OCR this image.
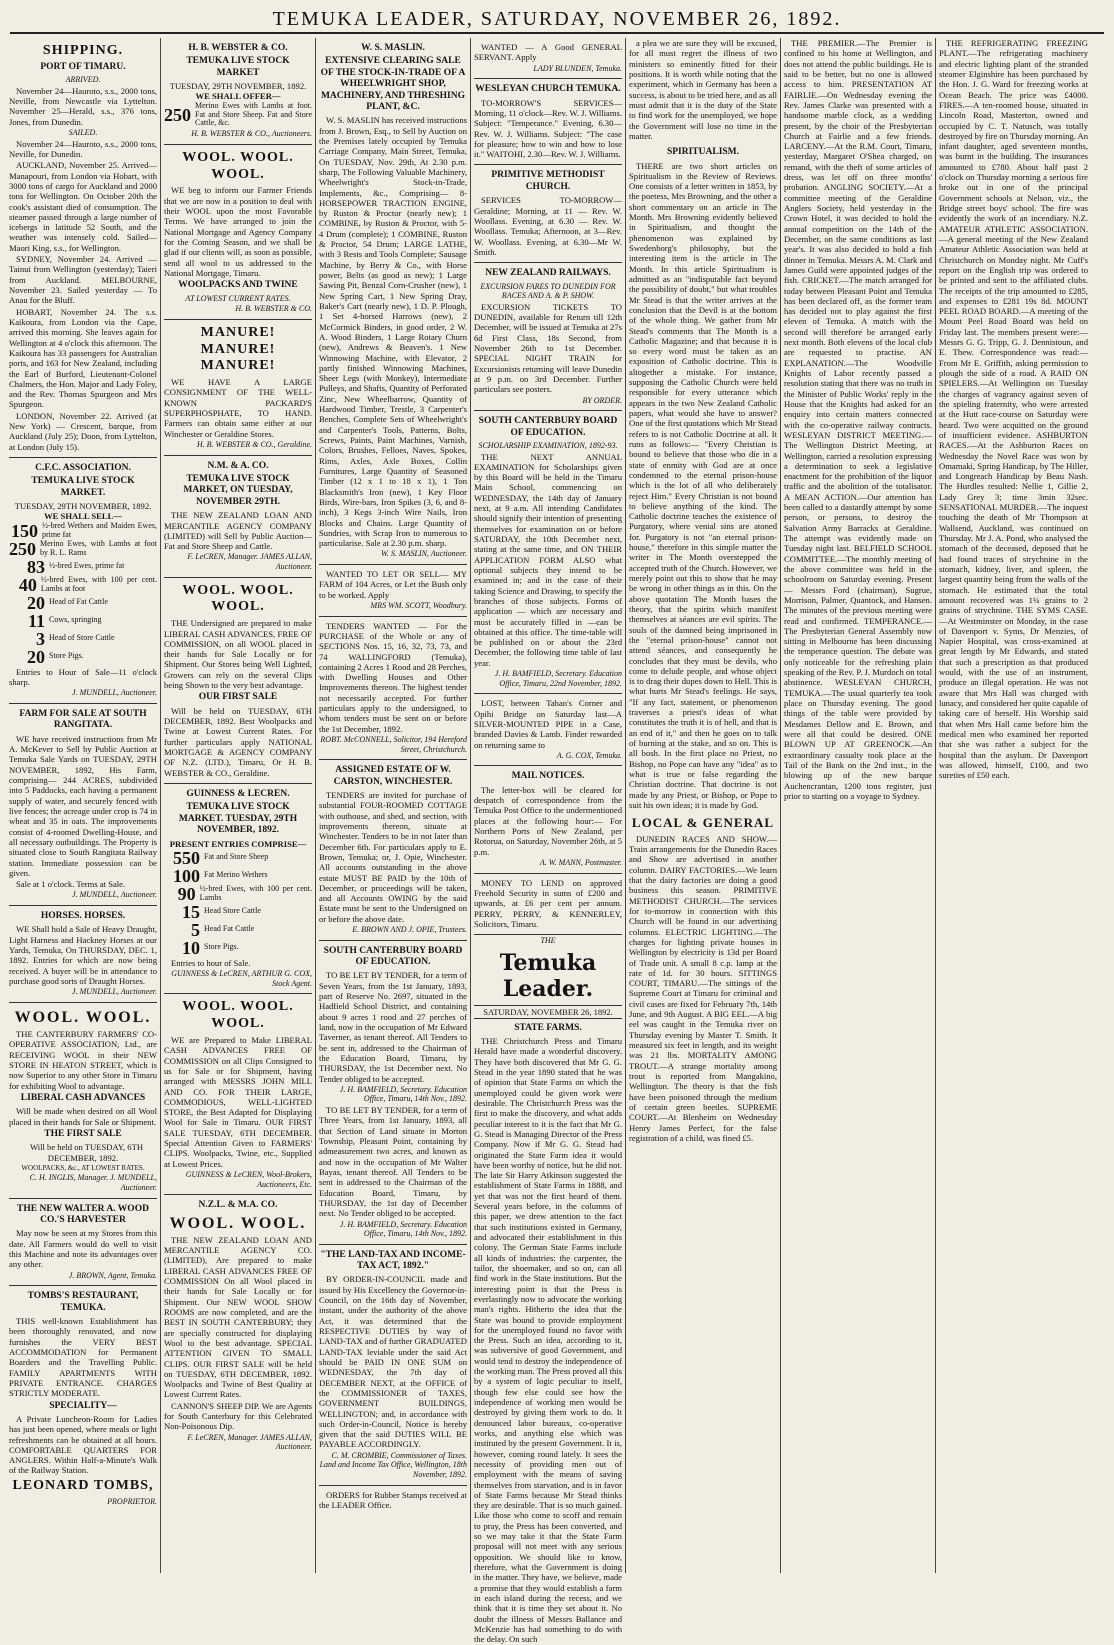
TEMUKA LEADER, SATURDAY, NOVEMBER 26, 1892.
SHIPPING.
PORT OF TIMARU.
ARRIVED.

November 24—Hauroto, s.s., 2000 tons, Neville, from Newcastle via Lyttelton. November 25—Herald, s.s., 376 tons, Jones, from Dunedin.

SAILED.

November 24—Hauroto, s.s., 2000 tons, Neville, for Dunedin.

AUCKLAND, November 25. Arrived—Manapouri, from London via Hobart, with 3000 tons of cargo for Auckland and 2000 tons for Wellington. On October 20th the cook's assistant died of consumption. The steamer passed through a large number of icebergs in latitude 52 South, and the weather was intensely cold. Sailed—Maori King, s.s., for Wellington.

SYDNEY, November 24. Arrived — Tainui from Wellington (yesterday); Taieri from Auckland. MELBOURNE, November 23. Sailed yesterday — To Anau for the Bluff.

HOBART, November 24. The s.s. Kaikoura, from London via the Cape, arrived this morning. She leaves again for Wellington at 4 o'clock this afternoon. The Kaikoura has 33 passengers for Australian ports, and 163 for New Zealand, including the Earl of Burford, Lieutenant-Colonel Chalmers, the Hon. Major and Lady Foley, and the Rev. Thomas Spurgeon and Mrs Spurgeon.

LONDON, November 22. Arrived (at New York) — Crescent, barque, from Auckland (July 25); Doon, from Lyttelton, at London (July 15).

C.F.C. ASSOCIATION.
TEMUKA LIVE STOCK MARKET.
TUESDAY, 29TH NOVEMBER, 1892.
WE SHALL SELL—
150 ½-bred Wethers and Maiden Ewes, prime fat
250 Merino Ewes, with Lambs at foot by R. L. Rams
83 ½-bred Ewes, prime fat
40 ½-bred Ewes, with 100 per cent. Lambs at foot
20 Head of Fat Cattle
11 Cows, springing
3 Head of Store Cattle
20 Store Pigs.

Entries to Hour of Sale—11 o'clock sharp.

J. MUNDELL, Auctioneer.
FARM FOR SALE AT SOUTH RANGITATA.

WE have received instructions from Mr A. McKever to Sell by Public Auction at Temuka Sale Yards on TUESDAY, 29TH NOVEMBER, 1892, His Farm, comprising— 244 ACRES, subdivided into 5 Paddocks, each having a permanent supply of water, and securely fenced with live fences; the acreage under crop is 74 in wheat and 35 in oats. The improvements consist of 4-roomed Dwelling-House, and all necessary outbuildings. The Property is situated close to South Rangitata Railway station. Immediate possession can be given.

Sale at 1 o'clock. Terms at Sale.

J. MUNDELL, Auctioneer.
HORSES. HORSES.

WE Shall hold a Sale of Heavy Draught, Light Harness and Hackney Horses at our Yards, Temuka, On THURSDAY, DEC. 1, 1892. Entries for which are now being received. A buyer will be in attendance to purchase good sorts of Draught Horses.

J. MUNDELL, Auctioneer.
WOOL. WOOL.

THE CANTERBURY FARMERS' CO-OPERATIVE ASSOCIATION, Ltd., are RECEIVING WOOL in their NEW STORE IN HEATON STREET, which is now Superior to any other Store in Timaru for exhibiting Wool to advantage.

LIBERAL CASH ADVANCES

Will be made when desired on all Wool placed in their hands for Sale or Shipment.

THE FIRST SALE

Will be held on TUESDAY, 6TH DECEMBER, 1892.

WOOLPACKS, &c., AT LOWEST RATES.

C. H. INGLIS, Manager. J. MUNDELL, Auctioneer.
THE NEW WALTER A. WOOD CO.'S HARVESTER

May now be seen at my Stores from this date. All Farmers would do well to visit this Machine and note its advantages over any other.

J. BROWN, Agent, Temuka.
TOMBS'S RESTAURANT, TEMUKA.

THIS well-known Establishment has been thoroughly renovated, and now furnishes the VERY BEST ACCOMMODATION for Permanent Boarders and the Travelling Public. FAMILY APARTMENTS WITH PRIVATE ENTRANCE. CHARGES STRICTLY MODERATE.

SPECIALITY—

A Private Luncheon-Room for Ladies has just been opened, where meals or light refreshments can be obtained at all hours. COMFORTABLE QUARTERS FOR ANGLERS. Within Half-a-Minute's Walk of the Railway Station.

LEONARD TOMBS,
PROPRIETOR.
H. B. WEBSTER & CO.
TEMUKA LIVE STOCK MARKET
TUESDAY, 29TH NOVEMBER, 1892.
WE SHALL OFFER—
250 Merino Ewes with Lambs at foot. Fat and Store Sheep. Fat and Store Cattle, &c.
H. B. WEBSTER & CO., Auctioneers.
WOOL. WOOL. WOOL.

WE beg to inform our Farmer Friends that we are now in a position to deal with their WOOL upon the most Favorable Terms. We have arranged to join the National Mortgage and Agency Company for the Coming Season, and we shall be glad if our clients will, as soon as possible, send all wool to us addressed to the National Mortgage, Timaru.

WOOLPACKS AND TWINE
AT LOWEST CURRENT RATES.
H. B. WEBSTER & CO.
MANURE! MANURE! MANURE!

WE HAVE A LARGE CONSIGNMENT OF THE WELL-KNOWN PACKARD'S SUPERPHOSPHATE, TO HAND. Farmers can obtain same either at our Winchester or Geraldine Stores.

H. B. WEBSTER & CO., Geraldine.
N.M. & A. CO.
TEMUKA LIVE STOCK MARKET, ON TUESDAY, NOVEMBER 29TH.

THE NEW ZEALAND LOAN AND MERCANTILE AGENCY COMPANY (LIMITED) will Sell by Public Auction— Fat and Store Sheep and Cattle.

F. LeCREN, Manager. JAMES ALLAN, Auctioneer.
WOOL. WOOL. WOOL.

THE Undersigned are prepared to make LIBERAL CASH ADVANCES, FREE OF COMMISSION, on all WOOL placed in their hands for Sale Locally or for Shipment. Our Stores being Well Lighted, Growers can rely on the several Clips being Shown to the very best advantage.

OUR FIRST SALE

Will be held on TUESDAY, 6TH DECEMBER, 1892. Best Woolpacks and Twine at Lowest Current Rates. For further particulars apply NATIONAL MORTGAGE & AGENCY COMPANY OF N.Z. (LTD.), Timaru, Or H. B. WEBSTER & CO., Geraldine.

GUINNESS & LECREN.
TEMUKA LIVE STOCK MARKET. TUESDAY, 29TH NOVEMBER, 1892.
PRESENT ENTRIES COMPRISE—
550 Fat and Store Sheep
100 Fat Merino Wethers
90 ½-bred Ewes, with 100 per cent. Lambs
15 Head Store Cattle
5 Head Fat Cattle
10 Store Pigs.

Entries to hour of Sale.

GUINNESS & LeCREN, ARTHUR G. COX, Stock Agent.
WOOL. WOOL. WOOL.

WE are Prepared to Make LIBERAL CASH ADVANCES FREE OF COMMISSION on all Clips Consigned to us for Sale or for Shipment, having arranged with MESSRS JOHN MILL AND CO. FOR THEIR LARGE, COMMODIOUS, WELL-LIGHTED STORE, the Best Adapted for Displaying Wool for Sale in Timaru. OUR FIRST SALE TUESDAY, 6TH DECEMBER. Special Attention Given to FARMERS' CLIPS. Woolpacks, Twine, etc., Supplied at Lowest Prices.

GUINNESS & LeCREN, Wool-Brokers, Auctioneers, Etc.
N.Z.L. & M.A. CO.
WOOL. WOOL.

THE NEW ZEALAND LOAN AND MERCANTILE AGENCY CO. (LIMITED), Are prepared to make LIBERAL CASH ADVANCES FREE OF COMMISSION On all Wool placed in their hands for Sale Locally or for Shipment. Our NEW WOOL SHOW ROOMS are now completed, and are the BEST IN SOUTH CANTERBURY; they are specially constructed for displaying Wool to the best advantage. SPECIAL ATTENTION GIVEN TO SMALL CLIPS. OUR FIRST SALE will be held on TUESDAY, 6TH DECEMBER, 1892. Woolpacks and Twine of Best Quality at Lowest Current Rates.

CANNON'S SHEEP DIP. We are Agents for South Canterbury for this Celebrated Non-Poisonous Dip.

F. LeCREN, Manager. JAMES ALLAN, Auctioneer.
W. S. MASLIN.
EXTENSIVE CLEARING SALE OF THE STOCK-IN-TRADE OF A WHEELWRIGHT SHOP, MACHINERY, AND THRESHING PLANT, &C.

W. S. MASLIN has received instructions from J. Brown, Esq., to Sell by Auction on the Premises lately occupied by Temuka Carriage Company, Main Street, Temuka, On TUESDAY, Nov. 29th, At 2.30 p.m. sharp, The Following Valuable Machinery, Wheelwright's Stock-in-Trade, Implements, &c., Comprising— 8-HORSEPOWER TRACTION ENGINE, by Ruston & Proctor (nearly new); 1 COMBINE, by Ruston & Proctor, with 5-4 Drum (complete); 1 COMBINE, Ruston & Proctor, 54 Drum; LARGE LATHE, with 3 Rests and Tools Complete; Sausage Machine, by Berry & Co., with Horse power, Belts (as good as new); 1 Large Sawing Pit, Benzal Corn-Crusher (new), 1 New Spring Cart, 1 New Spring Dray, Baker's Cart (nearly new), 1 D. P. Plough, 1 Set 4-horsed Harrows (new), 2 McCormick Binders, in good order, 2 W. A. Wood Binders, 1 Large Rotary Churn (new), Andrews & Beaven's. 1 New Winnowing Machine, with Elevator, 2 partly finished Winnowing Machines, Sheer Legs (with Monkey), Intermediate Pulleys, and Shafts, Quantity of Perforated Zinc, New Wheelbarrow, Quantity of Hardwood Timber, Trestle, 3 Carpenter's Benches, Complete Sets of Wheelwright's and Carpenter's Tools, Patterns, Bolts, Screws, Paints, Paint Machines, Varnish, Colors, Brushes, Felloes, Naves, Spokes, Rims, Axles, Axle Boxes, Collin Furnitures, Large Quantity of Seasoned Timber (12 x 1 to 18 x 1), 1 Ton Blacksmith's Iron (new), 1 Key Floor Birds, Wire-bars, Iron Spikes (3, 6, and 8-inch), 3 Kegs 3-inch Wire Nails, Iron Blocks and Chains. Large Quantity of Sundries, with Scrap Iron to numerous to particularise. Sale at 2.30 p.m. sharp.

W. S. MASLIN, Auctioneer.

WANTED TO LET OR SELL— MY FARM of 104 Acres, or Let the Bush only to be worked. Apply

MRS WM. SCOTT, Woodbury.

TENDERS WANTED — For the PURCHASE of the Whole or any of SECTIONS Nos. 15, 16, 32, 73, 73, and 74 WALLINGFORD (Temuka), containing 2 Acres 1 Rood and 28 Perches, with Dwelling Houses and Other Improvements thereon. The highest tender not necessarily accepted. For further particulars apply to the undersigned, to whom tenders must be sent on or before the 1st December, 1892.

ROBT. McCONNELL, Solicitor, 194 Hereford Street, Christchurch.
ASSIGNED ESTATE OF W. CARSTON, WINCHESTER.

TENDERS are invited for purchase of substantial FOUR-ROOMED COTTAGE with outhouse, and shed, and section, with improvements thereon, situate at Winchester. Tenders to be in not later than December 6th. For particulars apply to E. Brown, Temuka; or, J. Opie, Winchester. All accounts outstanding in the above estate MUST BE PAID by the 10th of December, or proceedings will be taken, and all Accounts OWING by the said Estate must be sent to the Undersigned on or before the above date.

E. BROWN AND J. OPIE, Trustees.
SOUTH CANTERBURY BOARD OF EDUCATION.

TO BE LET BY TENDER, for a term of Seven Years, from the 1st January, 1893, part of Reserve No. 2697, situated in the Hadfield School District, and containing about 9 acres 1 rood and 27 perches of land, now in the occupation of Mr Edward Taverner, as tenant thereof. All Tenders to be sent in, addressed to the Chairman of the Education Board, Timaru, by THURSDAY, the 1st December next. No Tender obliged to be accepted.

J. H. BAMFIELD, Secretary. Education Office, Timaru, 14th Nov., 1892.

TO BE LET BY TENDER, for a term of Three Years, from 1st January, 1893, all that Section of Land situate in Morton Township, Pleasant Point, containing by admeasurement two acres, and known as and now in the occupation of Mr Walter Bayas, tenant thereof. All Tenders to be sent in addressed to the Chairman of the Education Board, Timaru, by THURSDAY, the 1st day of December next. No Tender obliged to be accepted.

J. H. BAMFIELD, Secretary. Education Office, Timaru, 14th Nov., 1892.
"THE LAND-TAX AND INCOME-TAX ACT, 1892."

BY ORDER-IN-COUNCIL made and issued by His Excellency the Governor-in-Council, on the 16th day of November, instant, under the authority of the above Act, it was determined that the RESPECTIVE DUTIES by way of LAND-TAX and of further GRADUATED LAND-TAX leviable under the said Act should be PAID IN ONE SUM on WEDNESDAY, the 7th day of DECEMBER NEXT, at the OFFICE of the COMMISSIONER of TAXES, GOVERNMENT BUILDINGS, WELLINGTON; and, in accordance with such Order-in-Council, Notice is hereby given that the said DUTIES WILL BE PAYABLE ACCORDINGLY.

C. M. CROMBIE, Commissioner of Taxes. Land and Income Tax Office, Wellington, 18th November, 1892.

ORDERS for Rubber Stamps received at the LEADER Office.

WANTED — A Good GENERAL SERVANT. Apply

LADY BLUNDEN, Temuka.
WESLEYAN CHURCH TEMUKA.

TO-MORROW'S SERVICES— Morning, 11 o'clock—Rev. W. J. Williams. Subject: "Temperance." Evening, 6.30—Rev. W. J. Williams. Subject: "The case for pleasure; how to win and how to lose it." WAITOHI, 2.30—Rev. W. J. Williams.

PRIMITIVE METHODIST CHURCH.

SERVICES TO-MORROW— Geraldine; Morning, at 11 — Rev. W. Woollass. Evening, at 6.30 — Rev. W. Woollass. Temuka; Afternoon, at 3—Rev. W. Woollass. Evening, at 6.30—Mr W. Smith.

NEW ZEALAND RAILWAYS.
EXCURSION FARES TO DUNEDIN FOR RACES AND A. & P. SHOW.

EXCURSION TICKETS TO DUNEDIN, available for Return till 12th December, will be issued at Temuka at 27s 6d First Class, 18s Second, from November 26th to 1st December. SPECIAL NIGHT TRAIN for Excursionists returning will leave Dunedin at 9 p.m. on 3rd December. Further particulars see posters.

BY ORDER.
SOUTH CANTERBURY BOARD OF EDUCATION.
SCHOLARSHIP EXAMINATION, 1892-93.

THE NEXT ANNUAL EXAMINATION for Scholarships given by this Board will be held in the Timaru Main School, commencing on WEDNESDAY, the 14th day of January next, at 9 a.m. All intending Candidates should signify their intention of presenting themselves for examination on or before SATURDAY, the 10th December next, stating at the same time, and ON THEIR APPLICATION FORM ALSO what optional subjects they intend to be examined in; and in the case of their taking Science and Drawing, to specify the branches of those subjects. Forms of application — which are necessary and must be accurately filled in —can be obtained at this office. The time-table will be published on or about the 23rd December, the following time table of last year.

J. H. BAMFIELD, Secretary. Education Office, Timaru, 22nd November, 1892.

LOST, between Tahan's Corner and Opihi Bridge on Saturday last—A SILVER-MOUNTED PIPE in a Case, branded Davies & Lamb. Finder rewarded on returning same to

A. G. COX, Temuka.
MAIL NOTICES.

The letter-box will be cleared for despatch of correspondence from the Temuka Post Office to the undermentioned places at the following hour:— For Northern Ports of New Zealand, per Rotorua, on Saturday, November 26th, at 5 p.m.

A. W. MANN, Postmaster.

MONEY TO LEND on approved Freehold Security in sums of £200 and upwards, at £6 per cent per annum. PERRY, PERRY, & KENNERLEY, Solicitors, Timaru.

THE
Temuka Leader.
SATURDAY, NOVEMBER 26, 1892.
STATE FARMS.

THE Christchurch Press and Timaru Herald have made a wonderful discovery. They have both discovered that Mr G. G. Stead in the year 1890 stated that he was of opinion that State Farms on which the unemployed could be given work were desirable. The Christchurch Press was the first to make the discovery, and what adds peculiar interest to it is the fact that Mr G. G. Stead is Managing Director of the Press Company. Now if Mr G. G. Stead had originated the State Farm idea it would have been worthy of notice, but he did not. The late Sir Harry Atkinson suggested the establishment of State Farms in 1888, and yet that was not the first heard of them. Several years before, in the columns of this paper, we drew attention to the fact that such institutions existed in Germany, and advocated their establishment in this colony. The German State Farms include all kinds of industries: the carpenter, the tailor, the shoemaker, and so on, can all find work in the State institutions. But the interesting point is that the Press is everlastingly now to advocate the working man's rights. Hitherto the idea that the State was bound to provide employment for the unemployed found no favor with the Press. Such an idea, according to it, was subversive of good Government, and would tend to destroy the independence of the working man. The Press proved all this by a system of logic peculiar to itself, though few else could see how the independence of working men would be destroyed by giving them work to do. It denounced labor bureaux, co-operative works, and anything else which was instituted by the present Government. It is, however, coming round lately. It sees the necessity of providing men out of employment with the means of saving themselves from starvation, and is in favor of State Farms because Mr Stead thinks they are desirable. That is so much gained. Like those who come to scoff and remain to pray, the Press has been converted, and so we may take it that the State Farm proposal will not meet with any serious opposition. We should like to know, therefore, what the Government is doing in the matter. They have, we believe, made a promise that they would establish a farm in each island during the recess, and we think that it is time they set about it. No doubt the illness of Messrs Ballance and McKenzie has had something to do with the delay. On such

a plea we are sure they will be excused, for all must regret the illness of two ministers so eminently fitted for their positions. It is worth while noting that the experiment, which in Germany has been a success, is about to be tried here, and as all must admit that it is the duty of the State to find work for the unemployed, we hope the Government will lose no time in the matter.

SPIRITUALISM.

THERE are two short articles on Spiritualism in the Review of Reviews. One consists of a letter written in 1853, by the poetess, Mrs Browning, and the other a short commentary on an article in The Month. Mrs Browning evidently believed in Spiritualism, and thought the phenomenon was explained by Swedenborg's philosophy, but the interesting item is the article in The Month. In this article Spiritualism is admitted as an "indisputable fact beyond the possibility of doubt," but what troubles Mr Stead is that the writer arrives at the conclusion that the Devil is at the bottom of the whole thing. We gather from Mr Stead's comments that The Month is a Catholic Magazine; and that because it is so every word must be taken as an exposition of Catholic doctrine. This is altogether a mistake. For instance, supposing the Catholic Church were held responsible for every utterance which appears in the two New Zealand Catholic papers, what would she have to answer? One of the first quotations which Mr Stead refers to is not Catholic Doctrine at all. It runs as follows:— "Every Christian is bound to believe that those who die in a state of enmity with God are at once condemned to the eternal prison-house which is the lot of all who deliberately reject Him." Every Christian is not bound to believe anything of the kind. The Catholic doctrine teaches the existence of Purgatory, where venial sins are atoned for. Purgatory is not "an eternal prison-house," therefore in this simple matter the writer in The Month overstepped the accepted truth of the Church. However, we merely point out this to show that he may be wrong in other things as in this. On the above quotation The Month bases the theory, that the spirits which manifest themselves at séances are evil spirits. The souls of the damned being imprisoned in the "eternal prison-house" cannot not attend séances, and consequently he concludes that they must be devils, who come to delude people, and whose object is to drag their dupes down to Hell. This is what hurts Mr Stead's feelings. He says, "If any fact, statement, or phenomenon traverses a priest's ideas of what constitutes the truth it is of hell, and that is an end of it," and then he goes on to talk of burning at the stake, and so on. This is all bosh. In the first place no Priest, no Bishop, no Pope can have any "idea" as to what is true or false regarding the Christian doctrine. That doctrine is not made by any Priest, or Bishop, or Pope to suit his own ideas; it is made by God.

LOCAL & GENERAL

DUNEDIN RACES AND SHOW.—Train arrangements for the Dunedin Races and Show are advertised in another column. DAIRY FACTORIES.—We learn that the dairy factories are doing a good business this season. PRIMITIVE METHODIST CHURCH.—The services for to-morrow in connection with this Church will be found in our advertising columns. ELECTRIC LIGHTING.—The charges for lighting private houses in Wellington by electricity is 13d per Board of Trade unit. A small 8 c.p. lamp at the rate of 1d. for 30 hours. SITTINGS COURT, TIMARU.—The sittings of the Supreme Court at Timaru for criminal and civil cases are fixed for February 7th, 14th June, and 9th August. A BIG EEL.—A big eel was caught in the Temuka river on Thursday evening by Master T. Smith. It measured six feet in length, and its weight was 21 lbs. MORTALITY AMONG TROUT.—A strange mortality among trout is reported from Mangakino, Wellington. The theory is that the fish have been poisoned through the medium of certain green beetles. SUPREME COURT.—At Blenheim on Wednesday Henry James Perfect, for the false registration of a child, was fined £5.

THE PREMIER.—The Premier is confined to his home at Wellington, and does not attend the public buildings. He is said to be better, but no one is allowed access to him. PRESENTATION AT FAIRLIE.—On Wednesday evening the Rev. James Clarke was presented with a handsome marble clock, as a wedding present, by the choir of the Presbyterian Church at Fairlie and a few friends. LARCENY.—At the R.M. Court, Timaru, yesterday, Margaret O'Shea charged, on remand, with the theft of some articles of dress, was let off on three months' probation. ANGLING SOCIETY.—At a committee meeting of the Geraldine Anglers Society, held yesterday in the Crown Hotel, it was decided to hold the annual competition on the 14th of the December, on the same conditions as last year's. It was also decided to hold a fish dinner in Temuka. Messrs A. M. Clark and James Guild were appointed judges of the fish. CRICKET.—The match arranged for today between Pleasant Point and Temuka has been declared off, as the former team has decided not to play against the first eleven of Temuka. A match with the second will therefore be arranged early next month. Both elevens of the local club are requested to practise. AN EXPLANATION.—The Woodville Knights of Labor recently passed a resolution stating that there was no truth in the Minister of Public Works' reply in the House that the Knights had asked for an enquiry into certain matters connected with the co-operative railway contracts. WESLEYAN DISTRICT MEETING.—The Wellington District Meeting, at Wellington, carried a resolution expressing a determination to seek a legislative enactment for the prohibition of the liquor traffic and the abolition of the totalisator. A MEAN ACTION.—Our attention has been called to a dastardly attempt by some person, or persons, to destroy the Salvation Army Barracks at Geraldine. The attempt was evidently made on Tuesday night last. BELFIELD SCHOOL COMMITTEE.—The monthly meeting of the above committee was held in the schoolroom on Saturday evening. Present — Messrs Ford (chairman), Sugrue, Morrison, Palmer, Quantock, and Hansen. The minutes of the previous meeting were read and confirmed. TEMPERANCE.—The Presbyterian General Assembly now sitting in Melbourne has been discussing the temperance question. The debate was only noticeable for the refreshing plain speaking of the Rev. P. J. Murdoch on total abstinence. WESLEYAN CHURCH, TEMUKA.—The usual quarterly tea took place on Thursday evening. The good things of the table were provided by Mesdames Dellow and E. Brown, and were all that could be desired. ONE BLOWN UP AT GREENOCK.—An extraordinary casualty took place at the Tail of the Bank on the 2nd inst., in the blowing up of the new barque Auchencrantan, 1200 tons register, just prior to starting on a voyage to Sydney.

THE REFRIGERATING FREEZING PLANT.—The refrigerating machinery and electric lighting plant of the stranded steamer Elginshire has been purchased by the Hon. J. G. Ward for freezing works at Ocean Beach. The price was £4000. FIRES.—A ten-roomed house, situated in Lincoln Road, Masterton, owned and occupied by C. T. Natusch, was totally destroyed by fire on Thursday morning. An infant daughter, aged seventeen months, was burnt in the building. The insurances amounted to £780. About half past 2 o'clock on Thursday morning a serious fire broke out in one of the principal Government schools at Nelson, viz., the Bridge street boys' school. The fire was evidently the work of an incendiary. N.Z. AMATEUR ATHLETIC ASSOCIATION.—A general meeting of the New Zealand Amateur Athletic Association was held at Christchurch on Monday night. Mr Cuff's report on the English trip was ordered to be printed and sent to the affiliated clubs. The receipts of the trip amounted to £285, and expenses to £281 19s 8d. MOUNT PEEL ROAD BOARD.—A meeting of the Mount Peel Road Board was held on Friday last. The members present were:— Messrs G. G. Tripp, G. J. Dennistoun, and E. Thew. Correspondence was read:— From Mr E. Griffith, asking permission to plough the side of a road. A RAID ON SPIELERS.—At Wellington on Tuesday the charges of vagrancy against seven of the spieling fraternity, who were arrested at the Hutt race-course on Saturday were heard. Two were acquitted on the ground of insufficient evidence. ASHBURTON RACES.—At the Ashburton Races on Wednesday the Novel Race was won by Omamaki, Spring Handicap, by The Hiller, and Longreach Handicap by Beau Nash. The Hurdles resulted: Nellie 1, Gillie 2, Lady Grey 3; time 3min 32sec. SENSATIONAL MURDER.—The inquest touching the death of Mr Thompson at Wallsend, Auckland, was continued on Thursday. Mr J. A. Pond, who analysed the stomach of the deceased, deposed that he had found traces of strychnine in the stomach, kidney, liver, and spleen, the largest quantity being from the walls of the stomach. He estimated that the total amount recovered was 1¼ grains to 2 grains of strychnine. THE SYMS CASE.—At Westminster on Monday, in the case of Davenport v. Syms, Dr Menzies, of Napier Hospital, was cross-examined at great length by Mr Edwards, and stated that such a prescription as that produced would, with the use of an instrument, produce an illegal operation. He was not aware that Mrs Hall was charged with lunacy, and considered her quite capable of taking care of herself. His Worship said that when Mrs Hall came before him the medical men who examined her reported that she was rather a subject for the hospital than the asylum. Dr Davenport was allowed, himself, £100, and two sureties of £50 each.
